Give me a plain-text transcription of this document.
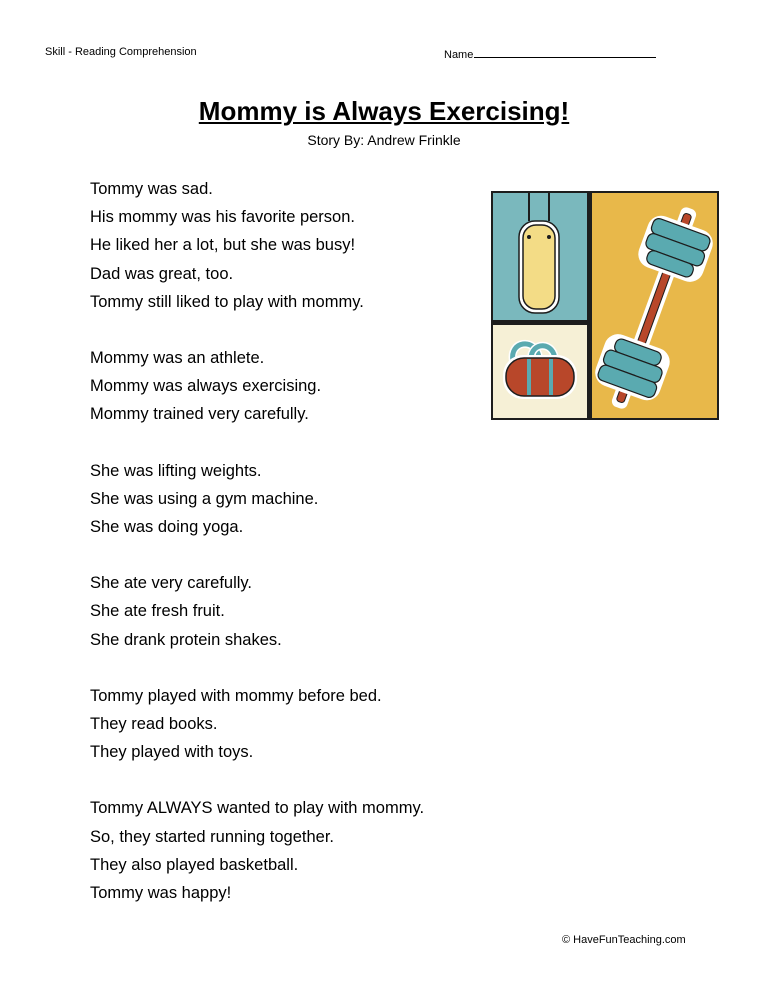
Skill - Reading Comprehension	Name
Mommy is Always Exercising!
Story By: Andrew Frinkle
Tommy was sad.
His mommy was his favorite person.
He liked her a lot, but she was busy!
Dad was great, too.
Tommy still liked to play with mommy.
Mommy was an athlete.
Mommy was always exercising.
Mommy trained very carefully.
She was lifting weights.
She was using a gym machine.
She was doing yoga.
She ate very carefully.
She ate fresh fruit.
She drank protein shakes.
Tommy played with mommy before bed.
They read books.
They played with toys.
Tommy ALWAYS wanted to play with mommy.
So, they started running together.
They also played basketball.
Tommy was happy!
© HaveFunTeaching.com
